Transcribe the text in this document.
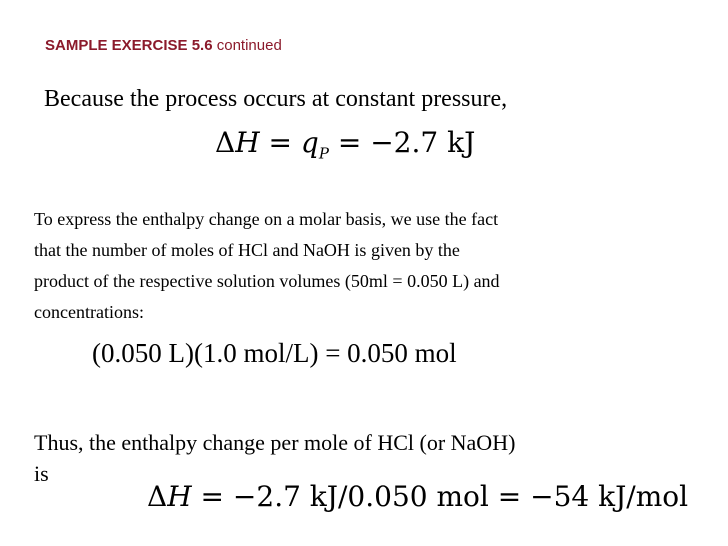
SAMPLE EXERCISE 5.6 continued
Because the process occurs at constant pressure,
$\Delta H = q_P = -2.7$ kJ
To express the enthalpy change on a molar basis, we use the fact
that the number of moles of HCl and NaOH is given by the
product of the respective solution volumes (50ml = 0.050 L) and
concentrations:
(0.050 L)(1.0 mol/L) = 0.050 mol
Thus, the enthalpy change per mole of HCl (or NaOH)
is
ΔH = −2.7 kJ/0.050 mol = −54 kJ/mol
